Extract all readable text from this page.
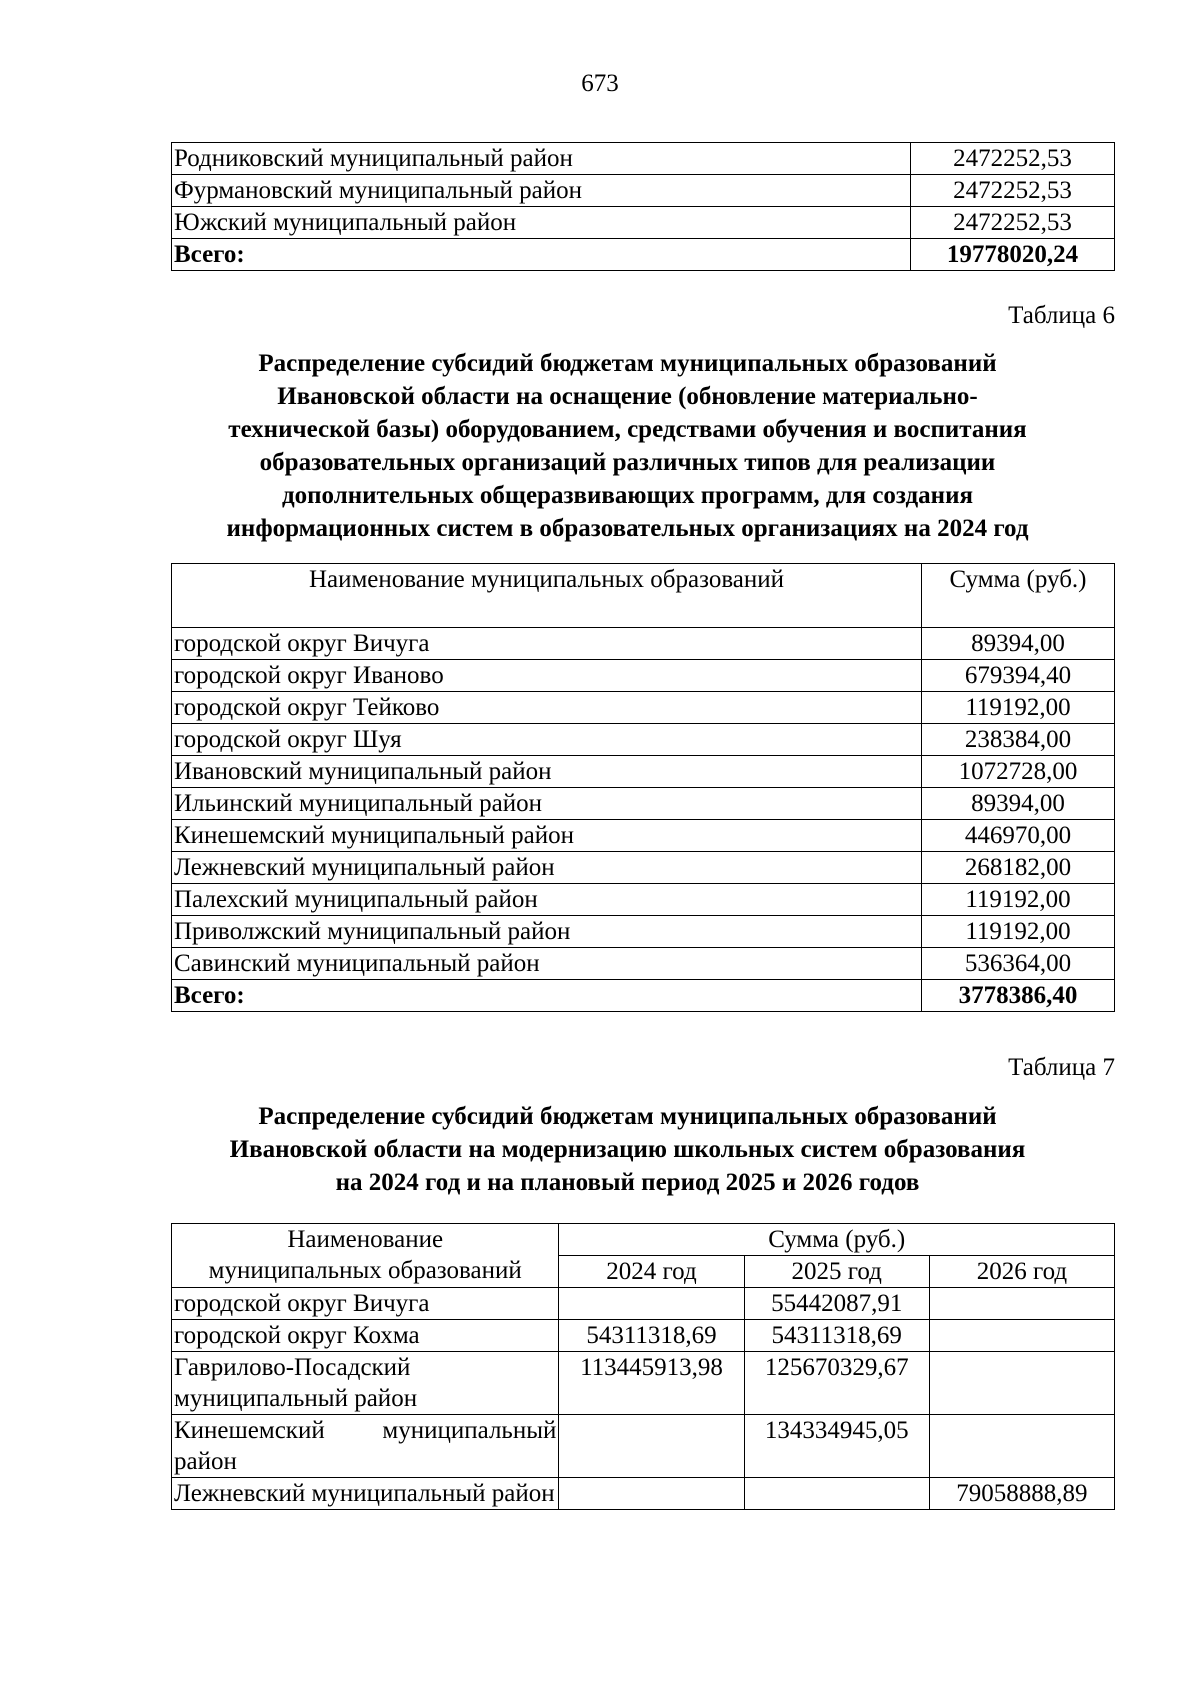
673
Родниковский муниципальный район	2472252,53
Фурмановский муниципальный район	2472252,53
Южский муниципальный район	2472252,53
Всего:	19778020,24
Таблица 6
Распределение субсидий бюджетам муниципальных образований
Ивановской области на оснащение (обновление материально-
технической базы) оборудованием, средствами обучения и воспитания
образовательных организаций различных типов для реализации
дополнительных общеразвивающих программ, для создания
информационных систем в образовательных организациях на 2024 год
Наименование муниципальных образований	Сумма (руб.)
городской округ Вичуга	89394,00
городской округ Иваново	679394,40
городской округ Тейково	119192,00
городской округ Шуя	238384,00
Ивановский муниципальный район	1072728,00
Ильинский муниципальный район	89394,00
Кинешемский муниципальный район	446970,00
Лежневский муниципальный район	268182,00
Палехский муниципальный район	119192,00
Приволжский муниципальный район	119192,00
Савинский муниципальный район	536364,00
Всего:	3778386,40
Таблица 7
Распределение субсидий бюджетам муниципальных образований
Ивановской области на модернизацию школьных систем образования
на 2024 год и на плановый период 2025 и 2026 годов
Наименование
муниципальных образований	Сумма (руб.)		
	2024 год	2025 год	2026 год
городской округ Вичуга		55442087,91	
городской округ Кохма	54311318,69	54311318,69	
Гаврилово-Посадский муниципальный район	113445913,98	125670329,67	
Кинешемский муниципальный район		134334945,05	
Лежневский муниципальный район			79058888,89
